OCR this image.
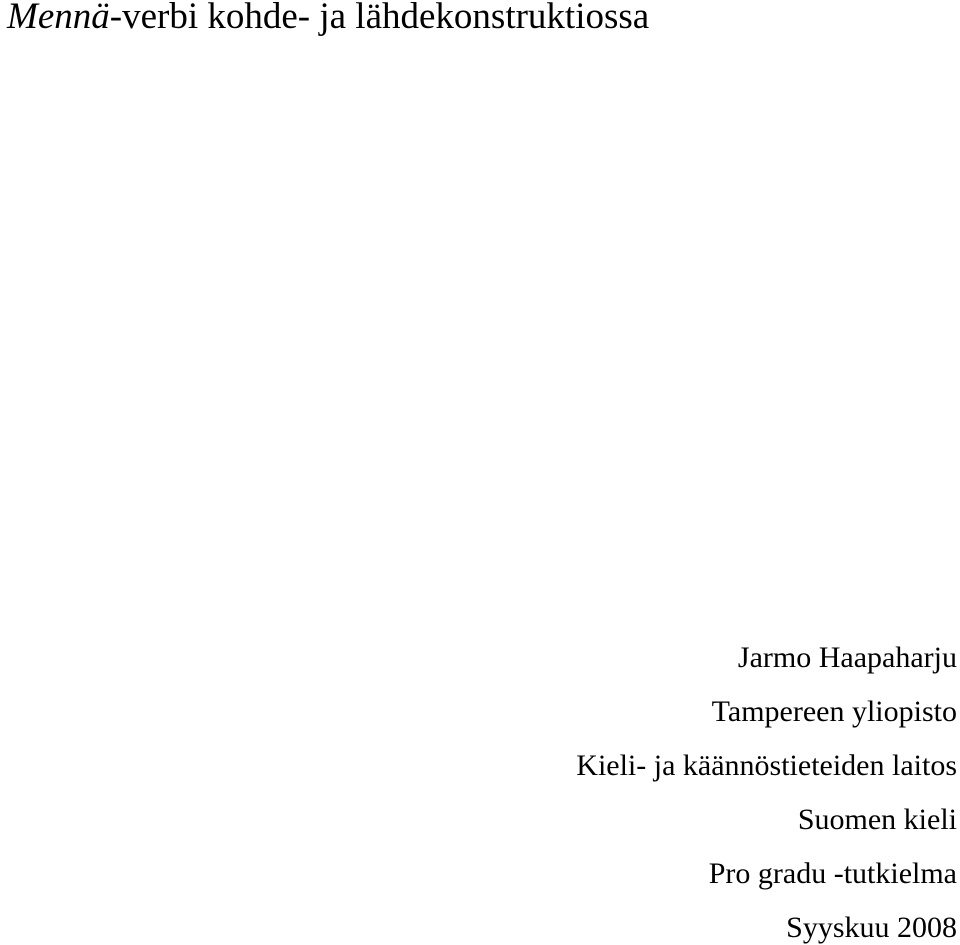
Mennä-verbi kohde- ja lähdekonstruktiossa

Jarmo Haapaharju

Tampereen yliopisto

Kieli- ja käännöstieteiden laitos

Suomen kieli

Pro gradu -tutkielma

Syyskuu 2008
